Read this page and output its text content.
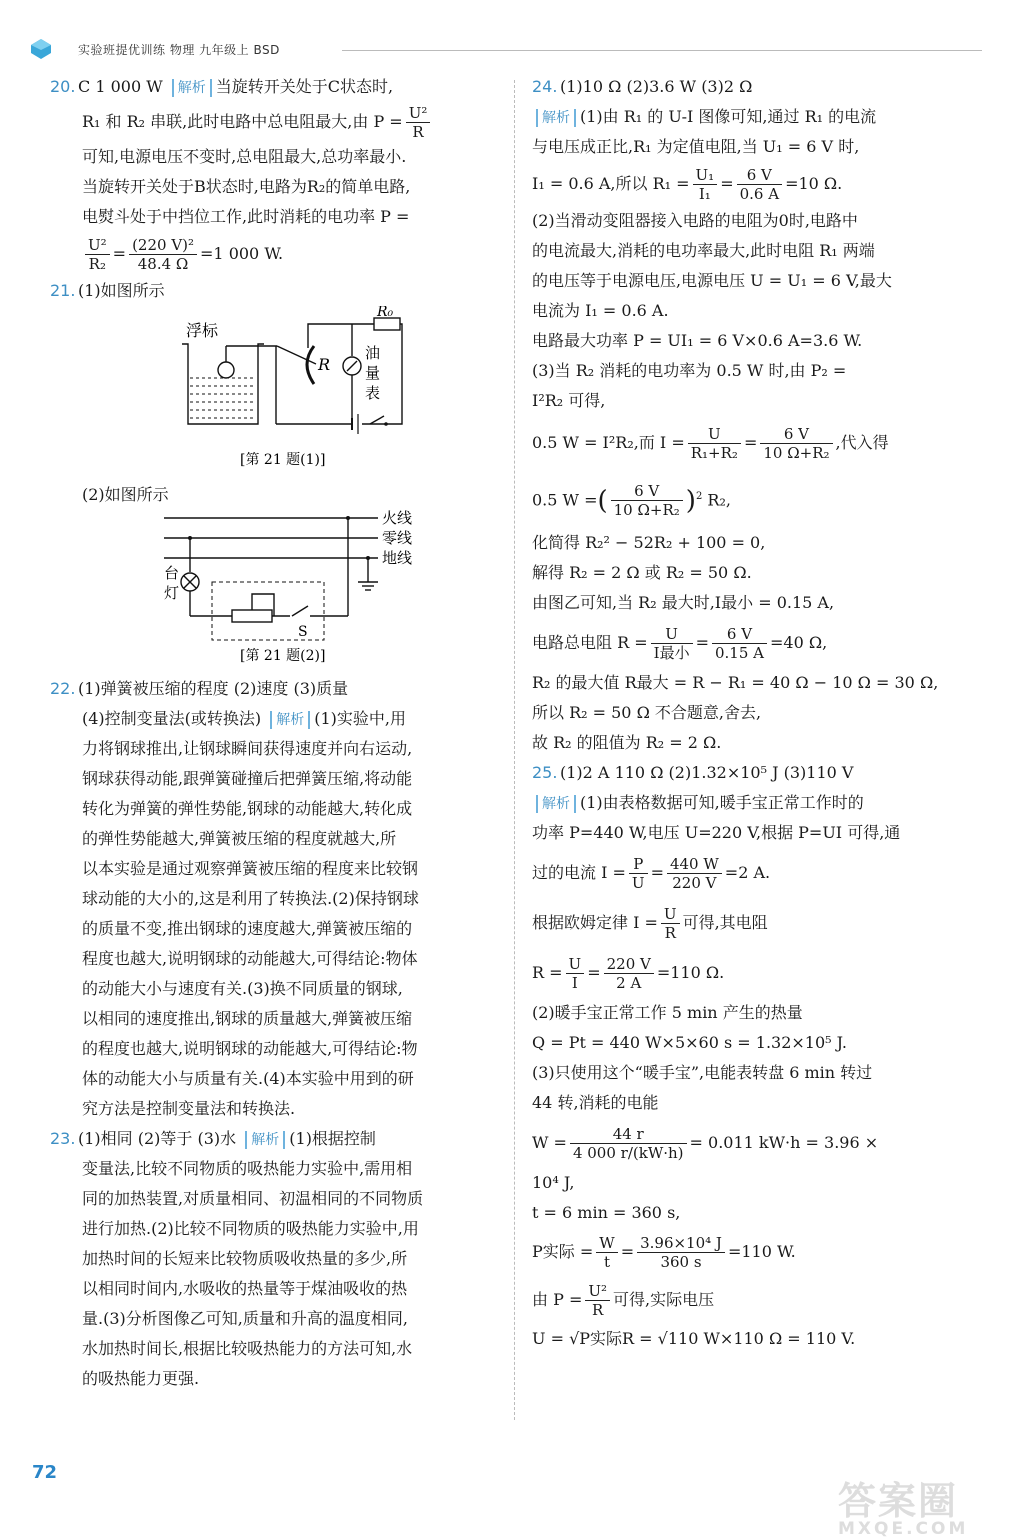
实验班提优训练 物理 九年级上 BSD

20. C 1 000 W 解析 当旋转开关处于C状态时,

R₁ 和 R₂ 串联,此时电路中总电阻最大,由 $P = \frac{\text{U²}}{R}$

可知,电源电压不变时,总电阻最大,总功率最小.

当旋转开关处于B状态时,电路为R₂的简单电路,

电熨斗处于中挡位工作,此时消耗的电功率 P =

$\frac{\text{U²}}{\text{R₂}} = \frac{\text{(220 V)²}}{48.4 \Omega} =1$ 000 W.

21. (1)如图所示

浮标
R
R₀
油
量
表
[第 21 题(1)]

(2)如图所示

火线
零线
地线
台
灯
S
[第 21 题(2)]

22. (1)弹簧被压缩的程度 (2)速度 (3)质量

(4)控制变量法(或转换法) 解析 (1)实验中,用

力将钢球推出,让钢球瞬间获得速度并向右运动,

钢球获得动能,跟弹簧碰撞后把弹簧压缩,将动能

转化为弹簧的弹性势能,钢球的动能越大,转化成

的弹性势能越大,弹簧被压缩的程度就越大,所

以本实验是通过观察弹簧被压缩的程度来比较钢

球动能的大小的,这是利用了转换法.(2)保持钢球

的质量不变,推出钢球的速度越大,弹簧被压缩的

程度也越大,说明钢球的动能越大,可得结论:物体

的动能大小与速度有关.(3)换不同质量的钢球,

以相同的速度推出,钢球的质量越大,弹簧被压缩

的程度也越大,说明钢球的动能越大,可得结论:物

体的动能大小与质量有关.(4)本实验中用到的研

究方法是控制变量法和转换法.

23. (1)相同 (2)等于 (3)水 解析 (1)根据控制

变量法,比较不同物质的吸热能力实验中,需用相

同的加热装置,对质量相同、初温相同的不同物质

进行加热.(2)比较不同物质的吸热能力实验中,用

加热时间的长短来比较物质吸收热量的多少,所

以相同时间内,水吸收的热量等于煤油吸收的热

量.(3)分析图像乙可知,质量和升高的温度相同,

水加热时间长,根据比较吸热能力的方法可知,水

的吸热能力更强.

24. (1)10 Ω (2)3.6 W (3)2 Ω

解析 (1)由 R₁ 的 U-I 图像可知,通过 R₁ 的电流

与电压成正比,R₁ 为定值电阻,当 U₁ = 6 V 时,

I₁ = 0.6 A,所以 $R_1 = \frac{\text{U₁}}{\text{I₁}} = \frac{6 V}{0.6 A} =10$ Ω.

(2)当滑动变阻器接入电路的电阻为0时,电路中

的电流最大,消耗的电功率最大,此时电阻 R₁ 两端

的电压等于电源电压,电源电压 U = U₁ = 6 V,最大

电流为 I₁ = 0.6 A.

电路最大功率 P = UI₁ = 6 V×0.6 A=3.6 W.

(3)当 R₂ 消耗的电功率为 0.5 W 时,由 P₂ =

I²R₂ 可得,

0.5 W = I²R₂,而 $I = \frac{U}{\text{R₁+R₂}} = \frac{6 V}{\text{10 Ω+R₂}}$ ,代入得

0.5 W =( $\frac{6 V}{\text{10 Ω+R₂}} )^2$ R₂,

化简得 R₂² − 52R₂ + 100 = 0,

解得 R₂ = 2 Ω 或 R₂ = 50 Ω.

由图乙可知,当 R₂ 最大时,I最小 = 0.15 A,

电路总电阻 $R = \frac{U}{\text{I最小}} = \frac{6 V}{0.15 A} =40$ Ω,

R₂ 的最大值 R最大 = R − R₁ = 40 Ω − 10 Ω = 30 Ω,

所以 R₂ = 50 Ω 不合题意,舍去,

故 R₂ 的阻值为 R₂ = 2 Ω.

25. (1)2 A 110 Ω (2)1.32×10⁵ J (3)110 V

解析 (1)由表格数据可知,暖手宝正常工作时的

功率 P=440 W,电压 U=220 V,根据 P=UI 可得,通

过的电流 $I = \frac{P}{U} = \frac{440 W}{220 V} =2$ A.

根据欧姆定律 $I = \frac{U}{R}$ 可得,其电阻

$R = \frac{U}{I} = \frac{220 V}{2 A} =110$ Ω.

(2)暖手宝正常工作 5 min 产生的热量

Q = Pt = 440 W×5×60 s = 1.32×10⁵ J.

(3)只使用这个“暖手宝”,电能表转盘 6 min 转过

44 转,消耗的电能

$W = \frac{44 r}{4 000 r/(kW\cdot h)} = 0.011$ kW·h = 3.96 ×

10⁴ J,

t = 6 min = 360 s,

P实际 = $\frac{W}{t} = \frac{\text{3.96×10⁴ J}}{360 s} =110$ W.

由 $P = \frac{\text{U²}}{R}$ 可得,实际电压

U = √P实际R = √110 W×110 Ω = 110 V.

72
答案圈
MXQE.COM
